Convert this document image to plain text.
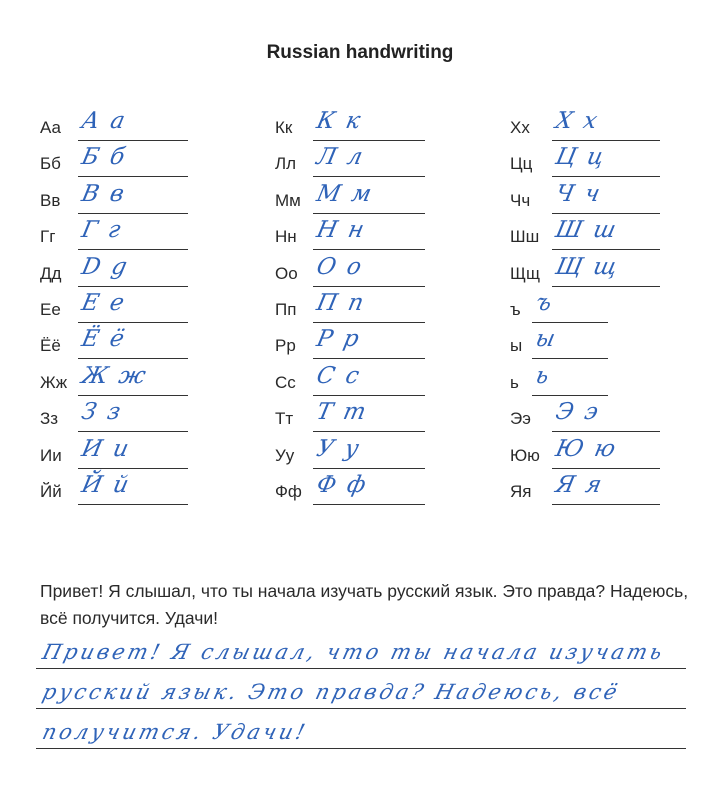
Russian handwriting
Аа А а
Бб Б б
Вв В в
Гг Г г
Дд D g
Ее Е е
Ёё Ё ё
Жж Ж ж
Зз З з
Ии И и
Йй Й й
Кк К к
Лл Л л
Мм М м
Нн Н н
Оо О о
Пп П п
Рр Р р
Сс С с
Тт Т т
Уу У у
Фф Ф ф
Хх Х х
Цц Ц ц
Чч Ч ч
Шш Ш ш
Щщ Щ щ
ъ ъ
ы ы
ь ь
Ээ Э э
Юю Ю ю
Яя Я я
Привет! Я слышал, что ты начала изучать русский язык. Это правда? Надеюсь, всё получится. Удачи!
Привет! Я слышал, что ты начала изучать
русский язык. Это правда? Надеюсь, всё
получится. Удачи!
